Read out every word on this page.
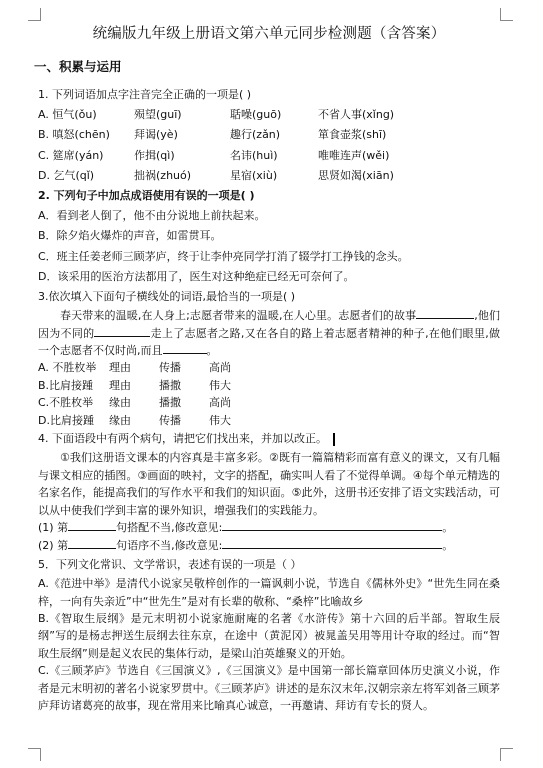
统编版九年级上册语文第六单元同步检测题（含答案）
一、积累与运用
1. 下列词语加点字注音完全正确的一项是( )
A. 恒气(ǒu)	殒望(guī)	聒噪(guō)	不省人事(xǐng)
B. 嗔怒(chēn)	拜谒(yè)	趣行(zǎn)	箪食壶浆(shī)
C. 筵席(yán)	作揖(qì)	名讳(huì)	唯唯连声(wěi)
D. 乞气(qǐ)	拙祸(zhuó)	星宿(xiù)	思贤如渴(xiān)
2. 下列句子中加点成语使用有误的一项是( )
A．看到老人倒了，他不由分说地上前扶起来。
B．除夕焰火爆炸的声音，如雷贯耳。
C．班主任姜老师三顾茅庐，终于让李仲亮同学打消了辍学打工挣钱的念头。
D．该采用的医治方法都用了，医生对这种绝症已经无可奈何了。
3.依次填入下面句子横线处的词语,最恰当的一项是( )
春天带来的温暖,在人身上;志愿者带来的温暖,在人心里。志愿者们的故事	,他们因为不同的	走上了志愿者之路,又在各自的路上着志愿者精神的种子,在他们眼里,做一个志愿者不仅时尚,而且	。
A. 不胜枚举	理由	传播	高尚
B.比肩接踵	理由	播撒	伟大
C.不胜枚举	缘由	播撒	高尚
D.比肩接踵	缘由	传播	伟大
4. 下面语段中有两个病句，请把它们找出来，并加以改正。
①我们这册语文课本的内容真是丰富多彩。②既有一篇篇精彩而富有意义的课文，又有几幅与课文相应的插图。③画面的映衬，文字的搭配，确实叫人看了不觉得单调。④每个单元精选的名家名作，能提高我们的写作水平和我们的知识面。⑤此外，这册书还安排了语文实践活动，可以从中使我们学到丰富的课外知识，增强我们的实践能力。
(1) 第	句搭配不当,修改意见:	。
(2) 第	句语序不当,修改意见:	。
5．下列文化常识、文学常识，表述有误的一项是（ ）
A.《范进中举》是清代小说家吴敬梓创作的一篇讽刺小说，节选自《儒林外史》“世先生同在桑梓，一向有失亲近”中“世先生”是对有长辈的敬称、“桑梓”比喻故乡
B.《智取生辰纲》是元末明初小说家施耐庵的名著《水浒传》第十六回的后半部。智取生辰纲”写的是杨志押送生辰纲去往东京，在途中（黄泥冈）被晁盖吴用等用计夺取的经过。而“智取生辰纲”则是起义农民的集体行动，是梁山泊英雄聚义的开始。
C.《三顾茅庐》节选自《三国演义》,《三国演义》是中国第一部长篇章回体历史演义小说，作者是元末明初的著名小说家罗贯中。《三顾茅庐》讲述的是东汉末年,汉朝宗亲左将军刘备三顾茅庐拜访诸葛亮的故事，现在常用来比喻真心诚意，一再邀请、拜访有专长的贤人。
